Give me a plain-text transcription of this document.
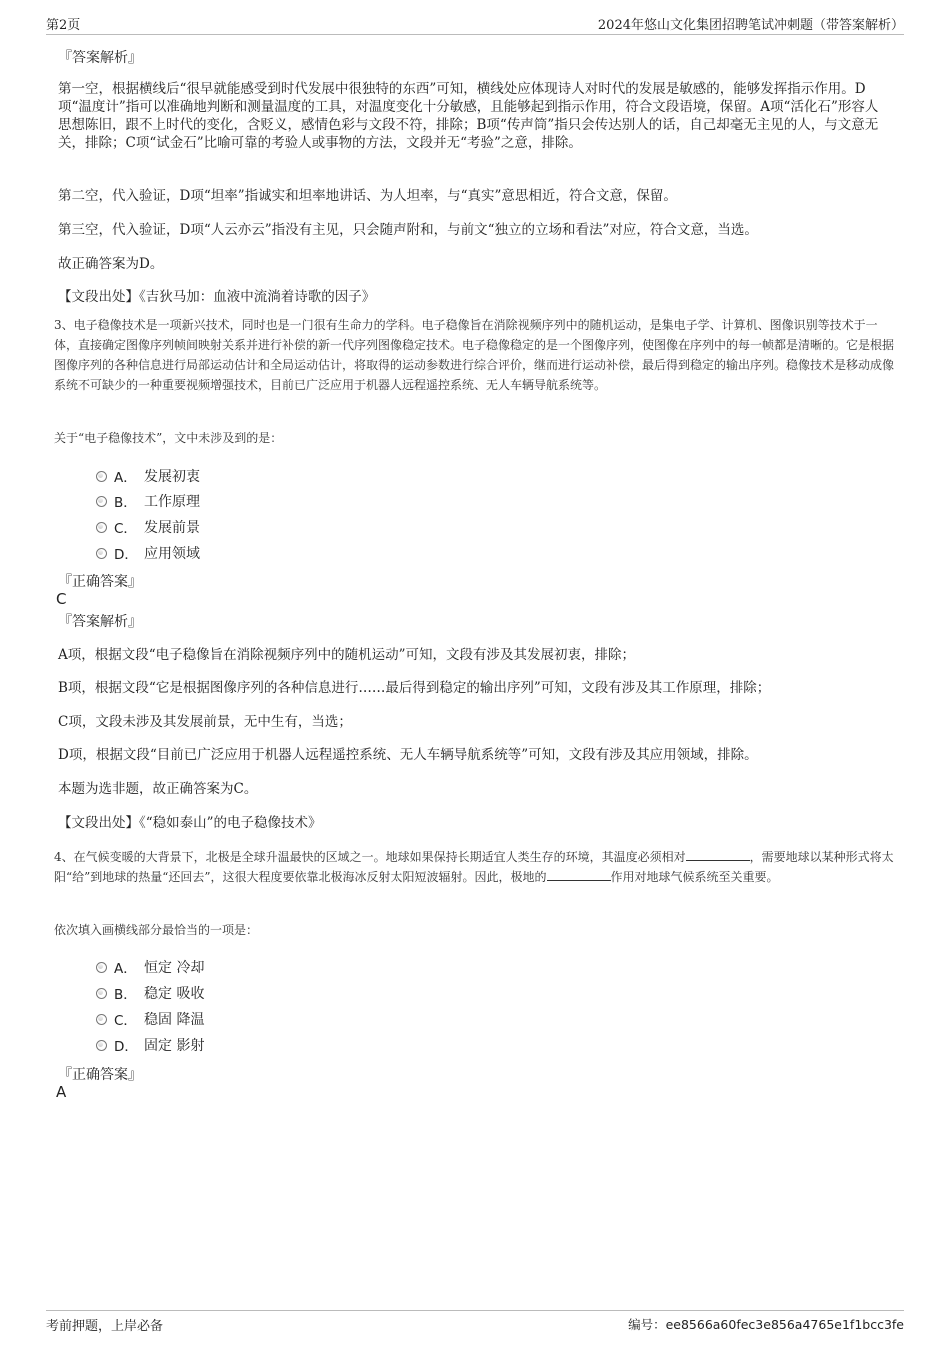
第2页	2024年悠山文化集团招聘笔试冲刺题（带答案解析）
『答案解析』
第一空，根据横线后“很早就能感受到时代发展中很独特的东西”可知，横线处应体现诗人对时代的发展是敏感的，能够发挥指示作用。D项“温度计”指可以准确地判断和测量温度的工具，对温度变化十分敏感，且能够起到指示作用，符合文段语境，保留。A项“活化石”形容人思想陈旧，跟不上时代的变化，含贬义，感情色彩与文段不符，排除；B项“传声筒”指只会传达别人的话，自己却毫无主见的人，与文意无关，排除；C项“试金石”比喻可靠的考验人或事物的方法，文段并无“考验”之意，排除。
第二空，代入验证，D项“坦率”指诚实和坦率地讲话、为人坦率，与“真实”意思相近，符合文意，保留。
第三空，代入验证，D项“人云亦云”指没有主见，只会随声附和，与前文“独立的立场和看法”对应，符合文意，当选。
故正确答案为D。
【文段出处】《吉狄马加：血液中流淌着诗歌的因子》
3、电子稳像技术是一项新兴技术，同时也是一门很有生命力的学科。电子稳像旨在消除视频序列中的随机运动，是集电子学、计算机、图像识别等技术于一体，直接确定图像序列帧间映射关系并进行补偿的新一代序列图像稳定技术。电子稳像稳定的是一个图像序列，使图像在序列中的每一帧都是清晰的。它是根据图像序列的各种信息进行局部运动估计和全局运动估计，将取得的运动参数进行综合评价，继而进行运动补偿，最后得到稳定的输出序列。稳像技术是移动成像系统不可缺少的一种重要视频增强技术，目前已广泛应用于机器人远程遥控系统、无人车辆导航系统等。
关于“电子稳像技术”，文中未涉及到的是：
A． 发展初衷
B． 工作原理
C． 发展前景
D． 应用领域
『正确答案』
C
『答案解析』
A项，根据文段“电子稳像旨在消除视频序列中的随机运动”可知，文段有涉及其发展初衷，排除；
B项，根据文段“它是根据图像序列的各种信息进行……最后得到稳定的输出序列”可知，文段有涉及其工作原理，排除；
C项，文段未涉及其发展前景，无中生有，当选；
D项，根据文段“目前已广泛应用于机器人远程遥控系统、无人车辆导航系统等”可知，文段有涉及其应用领域，排除。
本题为选非题，故正确答案为C。
【文段出处】《“稳如泰山”的电子稳像技术》
4、在气候变暖的大背景下，北极是全球升温最快的区域之一。地球如果保持长期适宜人类生存的环境，其温度必须相对	，需要地球以某种形式将太阳“给”到地球的热量“还回去”，这很大程度要依靠北极海冰反射太阳短波辐射。因此，极地的	作用对地球气候系统至关重要。
依次填入画横线部分最恰当的一项是：
A． 恒定 冷却
B． 稳定 吸收
C． 稳固 降温
D． 固定 影射
『正确答案』
A
考前押题，上岸必备	编号：ee8566a60fec3e856a4765e1f1bcc3fe
